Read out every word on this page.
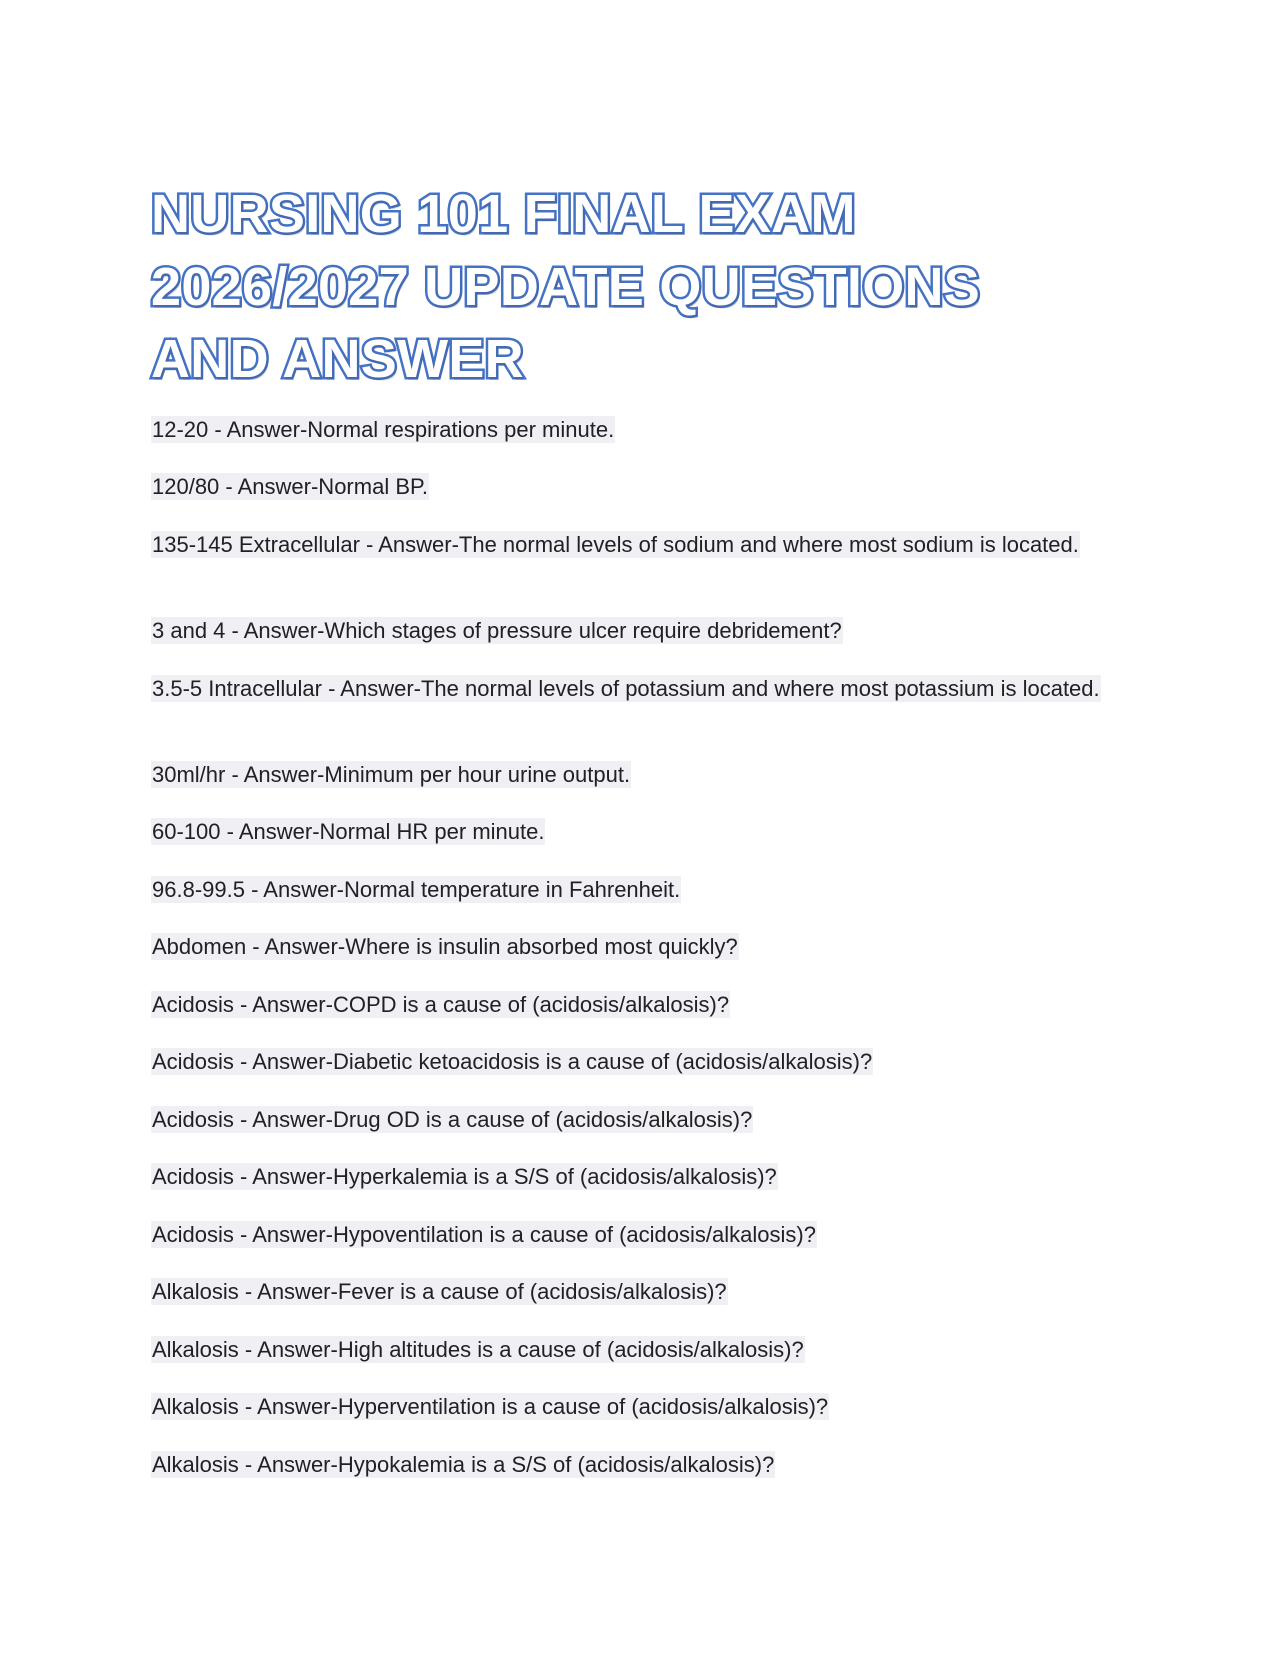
NURSING 101 FINAL EXAM
2026/2027 UPDATE QUESTIONS
AND ANSWER

12-20 - Answer-Normal respirations per minute.

120/80 - Answer-Normal BP.

135-145 Extracellular - Answer-The normal levels of sodium and where most sodium is located.

3 and 4 - Answer-Which stages of pressure ulcer require debridement?

3.5-5 Intracellular - Answer-The normal levels of potassium and where most potassium is located.

30ml/hr - Answer-Minimum per hour urine output.

60-100 - Answer-Normal HR per minute.

96.8-99.5 - Answer-Normal temperature in Fahrenheit.

Abdomen - Answer-Where is insulin absorbed most quickly?

Acidosis - Answer-COPD is a cause of (acidosis/alkalosis)?

Acidosis - Answer-Diabetic ketoacidosis is a cause of (acidosis/alkalosis)?

Acidosis - Answer-Drug OD is a cause of (acidosis/alkalosis)?

Acidosis - Answer-Hyperkalemia is a S/S of (acidosis/alkalosis)?

Acidosis - Answer-Hypoventilation is a cause of (acidosis/alkalosis)?

Alkalosis - Answer-Fever is a cause of (acidosis/alkalosis)?

Alkalosis - Answer-High altitudes is a cause of (acidosis/alkalosis)?

Alkalosis - Answer-Hyperventilation is a cause of (acidosis/alkalosis)?

Alkalosis - Answer-Hypokalemia is a S/S of (acidosis/alkalosis)?
